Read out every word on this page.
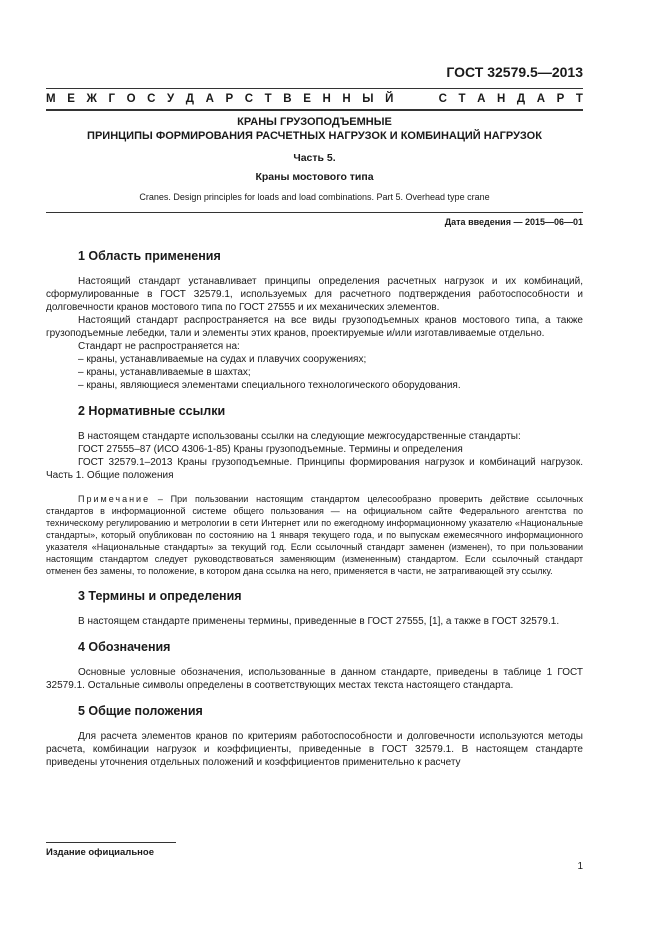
ГОСТ 32579.5—2013

М Е Ж Г О С У Д А Р С Т В Е Н Н Ы Й	С Т А Н Д А Р Т

КРАНЫ ГРУЗОПОДЪЕМНЫЕ

ПРИНЦИПЫ ФОРМИРОВАНИЯ РАСЧЕТНЫХ НАГРУЗОК И КОМБИНАЦИЙ НАГРУЗОК

Часть 5.

Краны мостового типа

Cranes. Design principles for loads and load combinations. Part 5. Overhead type crane

Дата введения — 2015—06—01

1 Область применения

Настоящий стандарт устанавливает принципы определения расчетных нагрузок и их комбинаций, сформулированные в ГОСТ 32579.1, используемых для расчетного подтверждения работоспособности и долговечности кранов мостового типа по ГОСТ 27555 и их механических элементов.

Настоящий стандарт распространяется на все виды грузоподъемных кранов мостового типа, а также грузоподъемные лебедки, тали и элементы этих кранов, проектируемые и/или изготавливаемые отдельно.

Стандарт не распространяется на:

– краны, устанавливаемые на судах и плавучих сооружениях;

– краны, устанавливаемые в шахтах;

– краны, являющиеся элементами специального технологического оборудования.

2 Нормативные ссылки

В настоящем стандарте использованы ссылки на следующие межгосударственные стандарты:

ГОСТ 27555–87 (ИСО 4306-1-85) Краны грузоподъемные. Термины и определения

ГОСТ 32579.1–2013 Краны грузоподъемные. Принципы формирования нагрузок и комбинаций нагрузок. Часть 1. Общие положения

Примечание – При пользовании настоящим стандартом целесообразно проверить действие ссылочных стандартов в информационной системе общего пользования — на официальном сайте Федерального агентства по техническому регулированию и метрологии в сети Интернет или по ежегодному информационному указателю «Национальные стандарты», который опубликован по состоянию на 1 января текущего года, и по выпускам ежемесячного информационного указателя «Национальные стандарты» за текущий год. Если ссылочный стандарт заменен (изменен), то при пользовании настоящим стандартом следует руководствоваться заменяющим (измененным) стандартом. Если ссылочный стандарт отменен без замены, то положение, в котором дана ссылка на него, применяется в части, не затрагивающей эту ссылку.

3 Термины и определения

В настоящем стандарте применены термины, приведенные в ГОСТ 27555, [1], а также в ГОСТ 32579.1.

4 Обозначения

Основные условные обозначения, использованные в данном стандарте, приведены в таблице 1 ГОСТ 32579.1. Остальные символы определены в соответствующих местах текста настоящего стандарта.

5 Общие положения

Для расчета элементов кранов по критериям работоспособности и долговечности используются методы расчета, комбинации нагрузок и коэффициенты, приведенные в ГОСТ 32579.1. В настоящем стандарте приведены уточнения отдельных положений и коэффициентов применительно к расчету

Издание официальное

1
